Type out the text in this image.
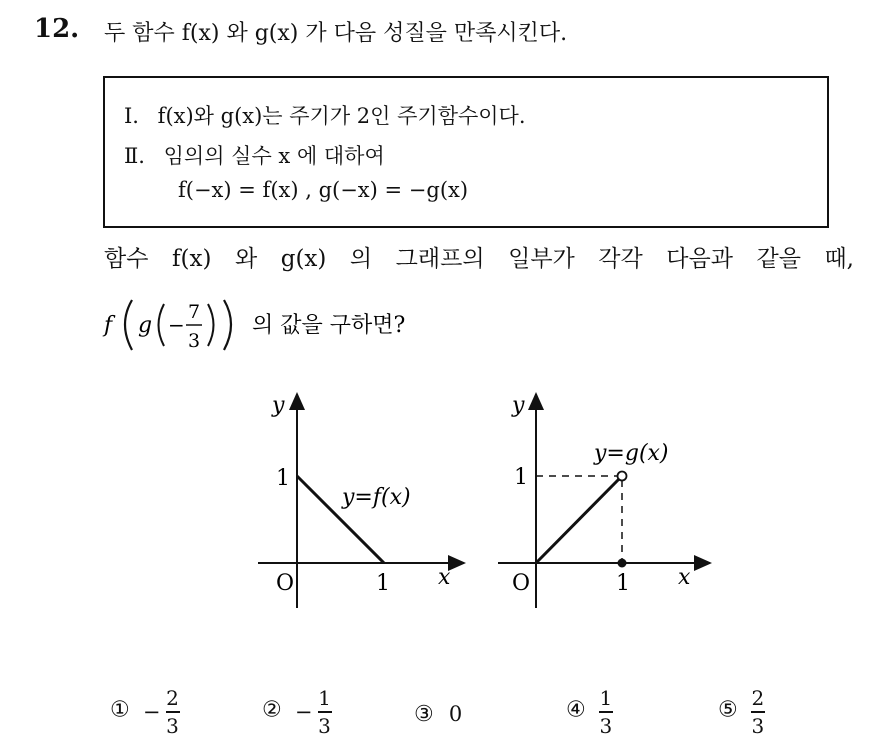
12. 두 함수 f(x) 와 g(x) 가 다음 성질을 만족시킨다.
Ⅰ. f(x)와 g(x)는 주기가 2인 주기함수이다.
Ⅱ. 임의의 실수 x 에 대하여
f(−x) = f(x) , g(−x) = −g(x)
함수 f(x) 와 g(x) 의 그래프의 일부가 각각 다음과 같을 때,
f g −
7
3
의 값을 구하면?
y
x
O
1
1
y=f(x)
y
x
O
1
1
y=g(x)
① − $\frac{2}{3}$	② − $\frac{1}{3}$	③ 0	④ $\frac{1}{3}$	⑤ $\frac{2}{3}$
